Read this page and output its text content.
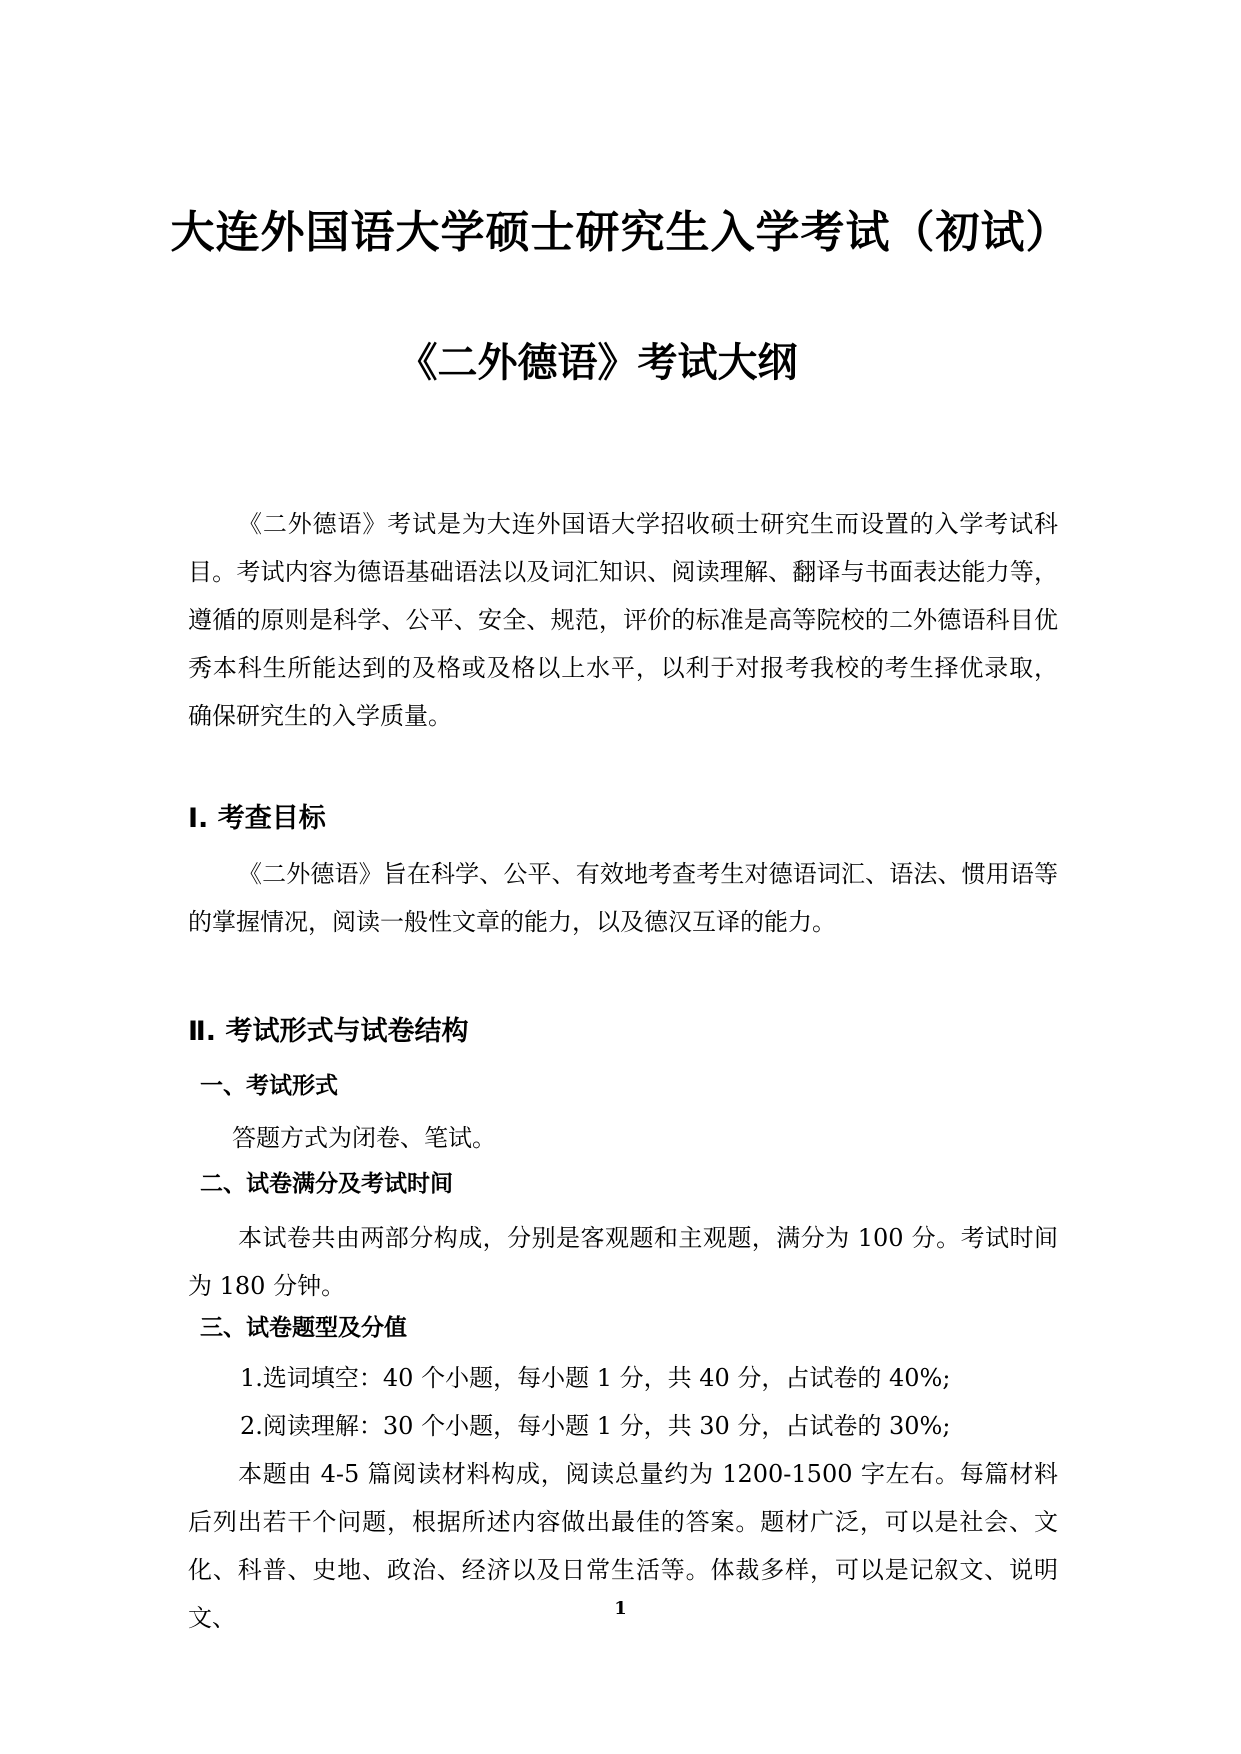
大连外国语大学硕士研究生入学考试（初试）
《二外德语》考试大纲

《二外德语》考试是为大连外国语大学招收硕士研究生而设置的入学考试科目。考试内容为德语基础语法以及词汇知识、阅读理解、翻译与书面表达能力等，遵循的原则是科学、公平、安全、规范，评价的标准是高等院校的二外德语科目优秀本科生所能达到的及格或及格以上水平，以利于对报考我校的考生择优录取， 确保研究生的入学质量。

Ⅰ. 考查目标

《二外德语》旨在科学、公平、有效地考查考生对德语词汇、语法、惯用语等的掌握情况，阅读一般性文章的能力，以及德汉互译的能力。

Ⅱ. 考试形式与试卷结构
一、考试形式

答题方式为闭卷、笔试。

二、试卷满分及考试时间

本试卷共由两部分构成，分别是客观题和主观题，满分为 100 分。考试时间为 180 分钟。

三、试卷题型及分值

1.选词填空：40 个小题，每小题 1 分，共 40 分，占试卷的 40%;

2.阅读理解：30 个小题，每小题 1 分，共 30 分，占试卷的 30%;

本题由 4-5 篇阅读材料构成，阅读总量约为 1200-1500 字左右。每篇材料后列出若干个问题，根据所述内容做出最佳的答案。题材广泛，可以是社会、文化、科普、史地、政治、经济以及日常生活等。体裁多样，可以是记叙文、说明文、	1
